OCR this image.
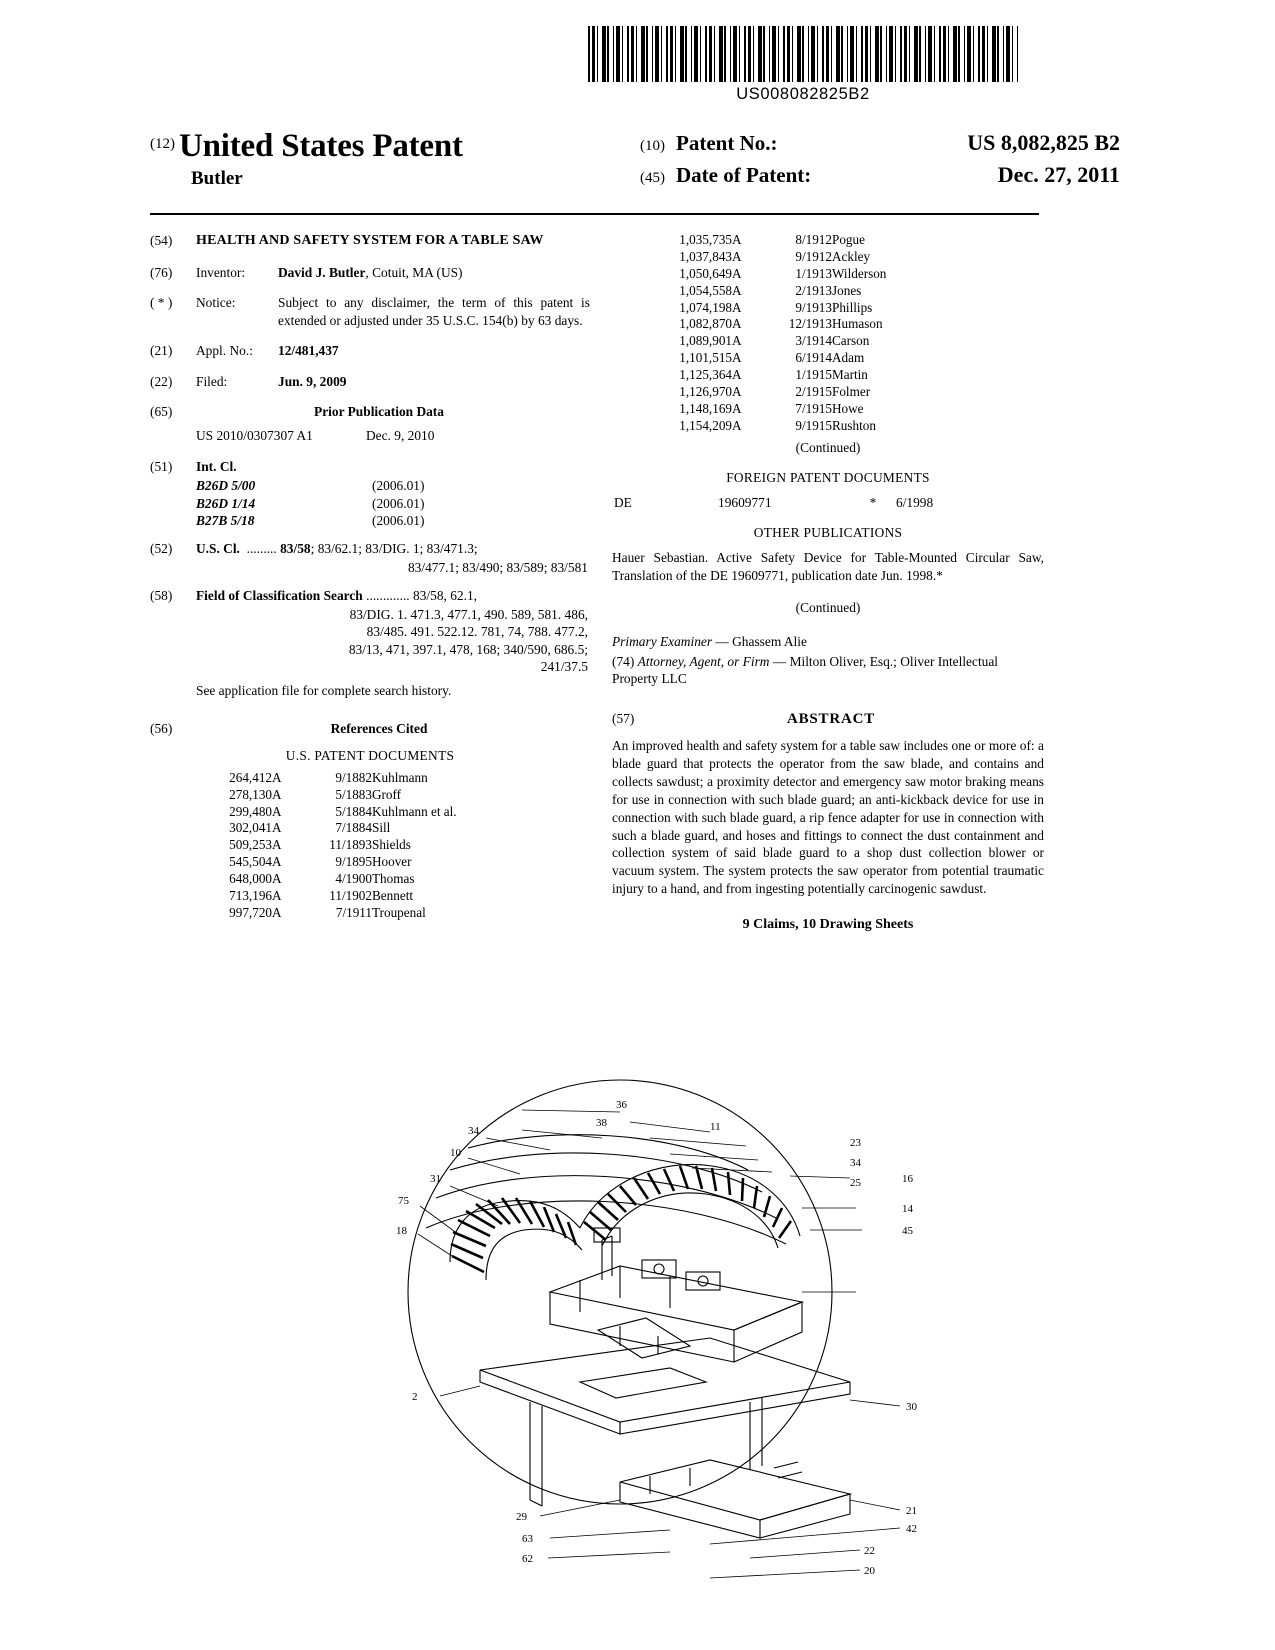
US008082825B2
(12) United States Patent
Butler
(10) Patent No.:	US 8,082,825 B2
(45) Date of Patent:	Dec. 27, 2011
(54)	HEALTH AND SAFETY SYSTEM FOR A TABLE SAW
(76)	Inventor:	David J. Butler, Cotuit, MA (US)
( * )	Notice:	Subject to any disclaimer, the term of this patent is extended or adjusted under 35 U.S.C. 154(b) by 63 days.
(21)	Appl. No.:	12/481,437
(22)	Filed:	Jun. 9, 2009
(65)	Prior Publication Data
US 2010/0307307 A1	Dec. 9, 2010
(51)	Int. Cl.
B26D 5/00	(2006.01)
B26D 1/14	(2006.01)
B27B 5/18	(2006.01)
(52)	U.S. Cl. ......... 83/58; 83/62.1; 83/DIG. 1; 83/471.3;
83/477.1; 83/490; 83/589; 83/581
(58)	Field of Classification Search ............. 83/58, 62.1,
83/DIG. 1. 471.3, 477.1, 490. 589, 581. 486,
83/485. 491. 522.12. 781, 74, 788. 477.2,
83/13, 471, 397.1, 478, 168; 340/590, 686.5;
241/37.5
See application file for complete search history.
(56)	References Cited
U.S. PATENT DOCUMENTS
264,412	A	9/1882	Kuhlmann
278,130	A	5/1883	Groff
299,480	A	5/1884	Kuhlmann et al.
302,041	A	7/1884	Sill
509,253	A	11/1893	Shields
545,504	A	9/1895	Hoover
648,000	A	4/1900	Thomas
713,196	A	11/1902	Bennett
997,720	A	7/1911	Troupenal
1,035,735	A	8/1912	Pogue
1,037,843	A	9/1912	Ackley
1,050,649	A	1/1913	Wilderson
1,054,558	A	2/1913	Jones
1,074,198	A	9/1913	Phillips
1,082,870	A	12/1913	Humason
1,089,901	A	3/1914	Carson
1,101,515	A	6/1914	Adam
1,125,364	A	1/1915	Martin
1,126,970	A	2/1915	Folmer
1,148,169	A	7/1915	Howe
1,154,209	A	9/1915	Rushton
(Continued)
FOREIGN PATENT DOCUMENTS
DE	19609771	*	6/1998
OTHER PUBLICATIONS
Hauer Sebastian. Active Safety Device for Table-Mounted Circular Saw, Translation of the DE 19609771, publication date Jun. 1998.*
(Continued)
Primary Examiner — Ghassem Alie
(74) Attorney, Agent, or Firm — Milton Oliver, Esq.; Oliver Intellectual Property LLC
(57)	ABSTRACT
An improved health and safety system for a table saw includes one or more of: a blade guard that protects the operator from the saw blade, and contains and collects sawdust; a proximity detector and emergency saw motor braking means for use in connection with such blade guard; an anti-kickback device for use in connection with such blade guard, a rip fence adapter for use in connection with such a blade guard, and hoses and fittings to connect the dust containment and collection system of said blade guard to a shop dust collection blower or vacuum system. The system protects the saw operator from potential traumatic injury to a hand, and from ingesting potentially carcinogenic sawdust.
9 Claims, 10 Drawing Sheets
36
38
34
10
31
75
18
11
23
34
25	16
14
45
2
30
29	21
63
42
62
22
20
